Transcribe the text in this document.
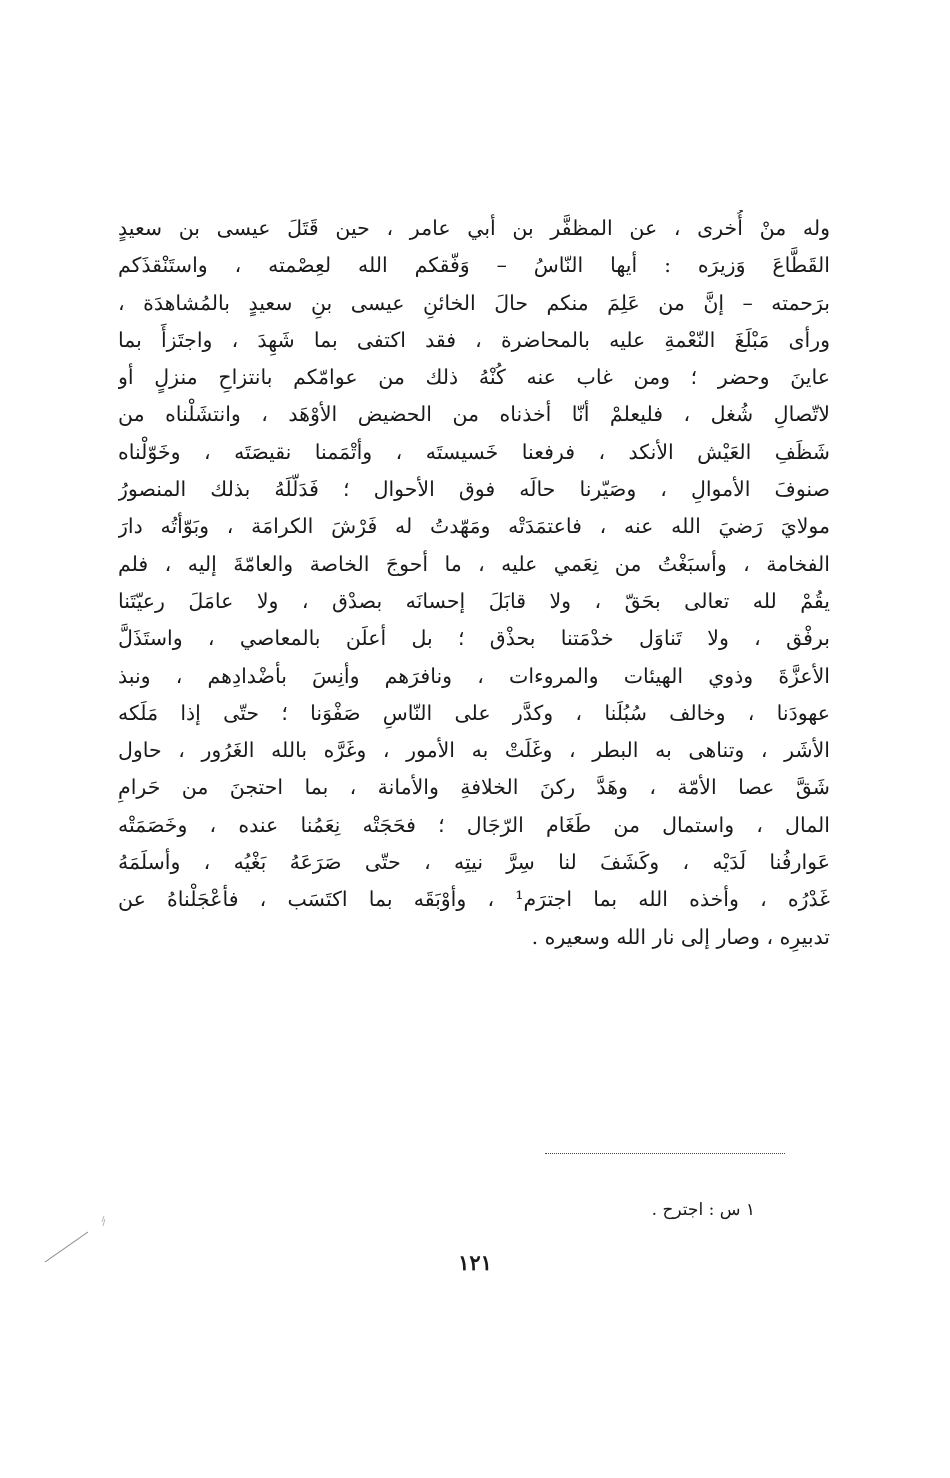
وله منْ أُخرى ، عن المظفَّر بن أبي عامر ، حين قَتَلَ عيسى بن سعيدٍ
القَطَّاعَ وَزيرَه : أيها النّاسُ – وَفّقكم الله لعِصْمته ، واستَنْقذَكم
برَحمته – إنَّ من عَلِمَ منكم حالَ الخائنِ عيسى بنِ سعيدٍ بالمُشاهدَة ،
ورأى مَبْلَغَ النّعْمةِ عليه بالمحاضرة ، فقد اكتفى بما شَهِدَ ، واجتَزأَ بما
عاينَ وحضر ؛ ومن غاب عنه كُنْهُ ذلك من عوامّكم بانتزاحِ منزلٍ أو
لاتّصالِ شُغل ، فليعلمْ أنّا أخذناه من الحضيض الأوْهَد ، وانتشَلْناه من
شَظَفِ العَيْش الأنكد ، فرفعنا خَسيستَه ، وأتْمَمنا نقيصَتَه ، وخَوّلْناه
صنوفَ الأموالِ ، وصَيّرنا حالَه فوق الأحوال ؛ فَدَلّلَهُ بذلك المنصورُ
مولايَ رَضيَ الله عنه ، فاعتمَدَتْه ومَهّدتُ له فَرْشَ الكرامَة ، وبَوّأتُه دارَ
الفخامة ، وأسبَغْتُ من نِعَمي عليه ، ما أحوجَ الخاصة والعامّةَ إليه ، فلم
يقُمْ لله تعالى بحَقّ ، ولا قابَلَ إحسانَه بصدْق ، ولا عامَلَ رعيّتَنا
برفْق ، ولا تَناوَل خدْمَتنا بحذْق ؛ بل أعلَن بالمعاصي ، واستَذَلَّ
الأعزَّةَ وذوي الهيئات والمروءات ، ونافرَهم وأنِسَ بأضْدادِهم ، ونبذ
عهودَنا ، وخالف سُبُلَنا ، وكدَّر على النّاسِ صَفْوَنا ؛ حتّى إذا مَلَكه
الأشَر ، وتناهى به البطر ، وغَلَتْ به الأمور ، وغَرَّه بالله الغَرُور ، حاول
شَقَّ عصا الأمّة ، وهَدَّ ركنَ الخلافةِ والأمانة ، بما احتجنَ من حَرامِ
المال ، واستمال من طَغَام الرّجَال ؛ فحَجَتْه نِعَمُنا عنده ، وخَصَمَتْه
عَوارفُنا لَدَيْه ، وكَشَفَ لنا سِرَّ نيتِه ، حتّى صَرَعَهُ بَغْيُه ، وأسلَمَهُ
غَدْرُه ، وأخذه الله بما اجترَم¹ ، وأوْبَقَه بما اكتَسَب ، فأعْجَلْناهُ عن
تدبيرِه ، وصار إلى نار الله وسعيره .
١ س : اجترح .
١٢١
